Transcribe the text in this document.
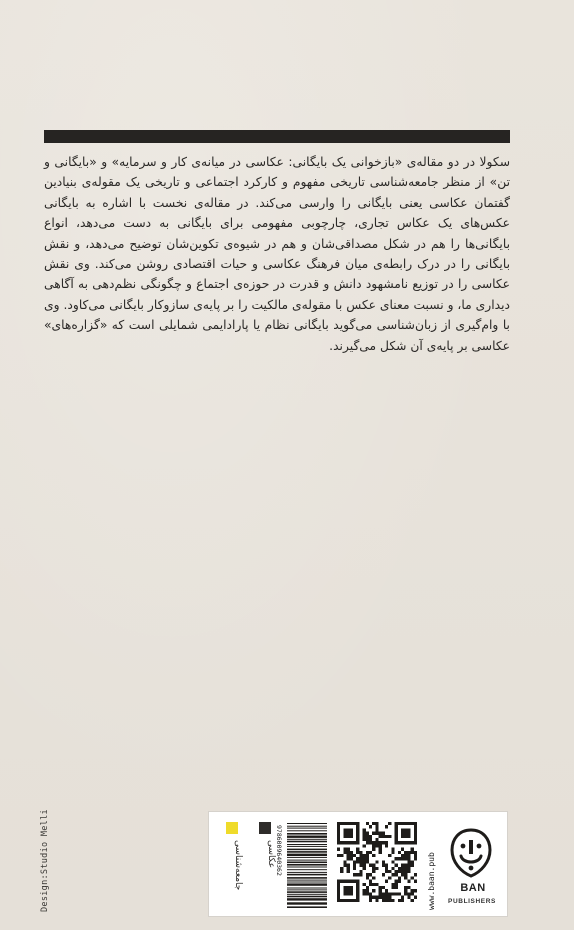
سکولا در دو مقاله‌ی «بازخوانی یک بایگانی: عکاسی در میانه‌ی کار و سرمایه» و «بایگانی و تن» از منظر جامعه‌شناسی تاریخی مفهوم و کارکرد اجتماعی و تاریخی یک مقوله‌ی بنیادین گفتمان عکاسی یعنی بایگانی را وارسی می‌کند. در مقاله‌ی نخست با اشاره به بایگانی عکس‌های یک عکاس تجاری، چارچوبی مفهومی برای بایگانی به دست می‌دهد، انواع بایگانی‌ها را هم در شکل مصداقی‌شان و هم در شیوه‌ی تکوین‌شان توضیح می‌دهد، و نقش بایگانی را در درک رابطه‌ی میان فرهنگ عکاسی و حیات اقتصادی روشن می‌کند. وی نقش عکاسی را در توزیع نامشهود دانش و قدرت در حوزه‌ی اجتماع و چگونگی نظم‌دهی به آگاهی دیداری ما، و نسبت معنای عکس با مقوله‌ی مالکیت را بر پایه‌ی سازوکار بایگانی می‌کاود. وی با وام‌گیری از زبان‌شناسی می‌گوید بایگانی نظام یا پارادایمی شمایلی است که «گزاره‌های» عکاسی بر پایه‌ی آن شکل می‌گیرند.

Design:Studio Melli	جامعه‌شناسی	عکاسی 9786009640362
www.baan.pub	BAN
PUBLISHERS
